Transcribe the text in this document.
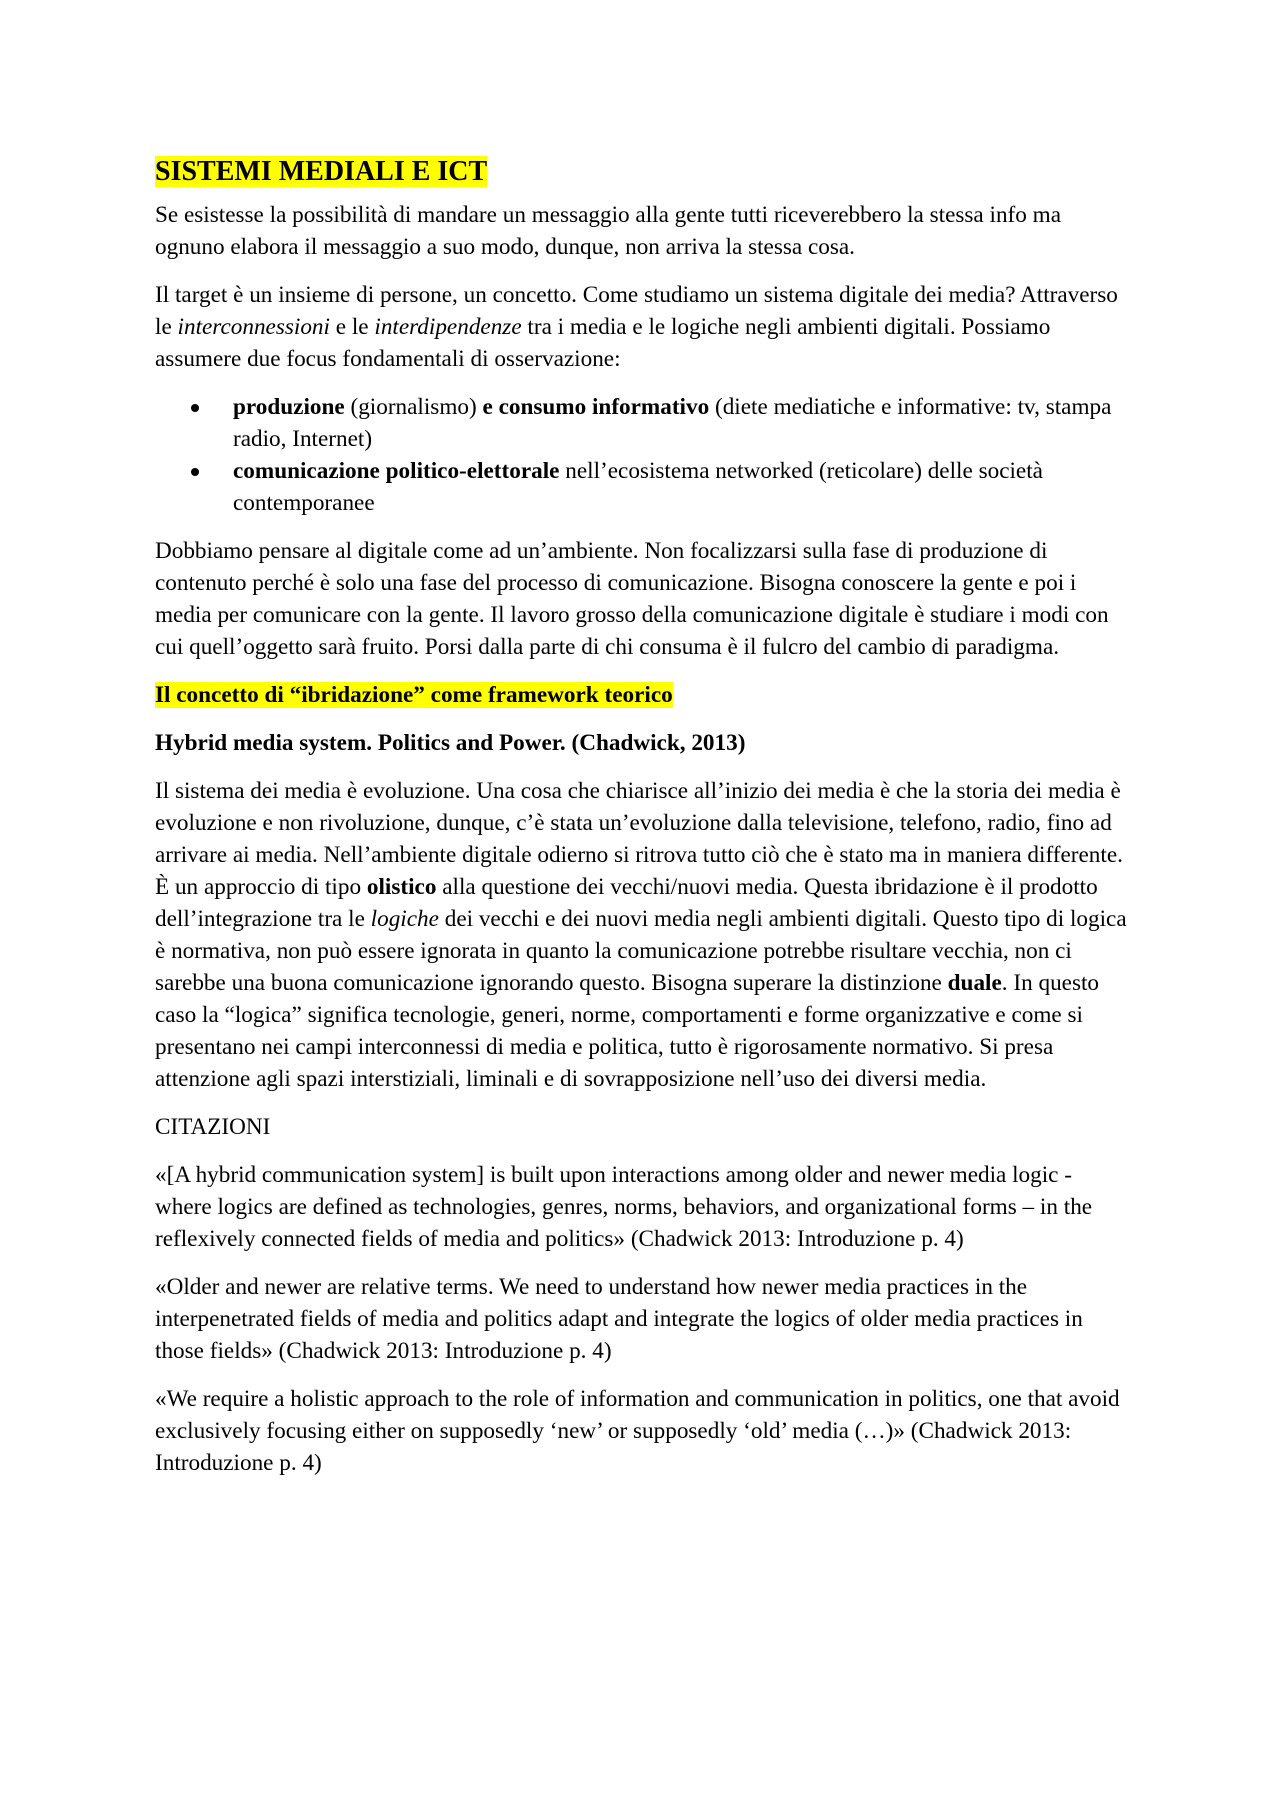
SISTEMI MEDIALI E ICT

Se esistesse la possibilità di mandare un messaggio alla gente tutti riceverebbero la stessa info ma ognuno elabora il messaggio a suo modo, dunque, non arriva la stessa cosa.

Il target è un insieme di persone, un concetto. Come studiamo un sistema digitale dei media? Attraverso le interconnessioni e le interdipendenze tra i media e le logiche negli ambienti digitali. Possiamo assumere due focus fondamentali di osservazione:

produzione (giornalismo) e consumo informativo (diete mediatiche e informative: tv, stampa radio, Internet)
comunicazione politico-elettorale nell’ecosistema networked (reticolare) delle società contemporanee

Dobbiamo pensare al digitale come ad un’ambiente. Non focalizzarsi sulla fase di produzione di contenuto perché è solo una fase del processo di comunicazione. Bisogna conoscere la gente e poi i media per comunicare con la gente. Il lavoro grosso della comunicazione digitale è studiare i modi con cui quell’oggetto sarà fruito. Porsi dalla parte di chi consuma è il fulcro del cambio di paradigma.

Il concetto di “ibridazione” come framework teorico
Hybrid media system. Politics and Power. (Chadwick, 2013)

Il sistema dei media è evoluzione. Una cosa che chiarisce all’inizio dei media è che la storia dei media è evoluzione e non rivoluzione, dunque, c’è stata un’evoluzione dalla televisione, telefono, radio, fino ad arrivare ai media. Nell’ambiente digitale odierno si ritrova tutto ciò che è stato ma in maniera differente. È un approccio di tipo olistico alla questione dei vecchi/nuovi media. Questa ibridazione è il prodotto dell’integrazione tra le logiche dei vecchi e dei nuovi media negli ambienti digitali. Questo tipo di logica è normativa, non può essere ignorata in quanto la comunicazione potrebbe risultare vecchia, non ci sarebbe una buona comunicazione ignorando questo. Bisogna superare la distinzione duale. In questo caso la “logica” significa tecnologie, generi, norme, comportamenti e forme organizzative e come si presentano nei campi interconnessi di media e politica, tutto è rigorosamente normativo. Si presa attenzione agli spazi interstiziali, liminali e di sovrapposizione nell’uso dei diversi media.

CITAZIONI

«[A hybrid communication system] is built upon interactions among older and newer media logic - where logics are defined as technologies, genres, norms, behaviors, and organizational forms – in the reflexively connected fields of media and politics» (Chadwick 2013: Introduzione p. 4)

«Older and newer are relative terms. We need to understand how newer media practices in the interpenetrated fields of media and politics adapt and integrate the logics of older media practices in those fields» (Chadwick 2013: Introduzione p. 4)

«We require a holistic approach to the role of information and communication in politics, one that avoid exclusively focusing either on supposedly ‘new’ or supposedly ‘old’ media (…)» (Chadwick 2013: Introduzione p. 4)
